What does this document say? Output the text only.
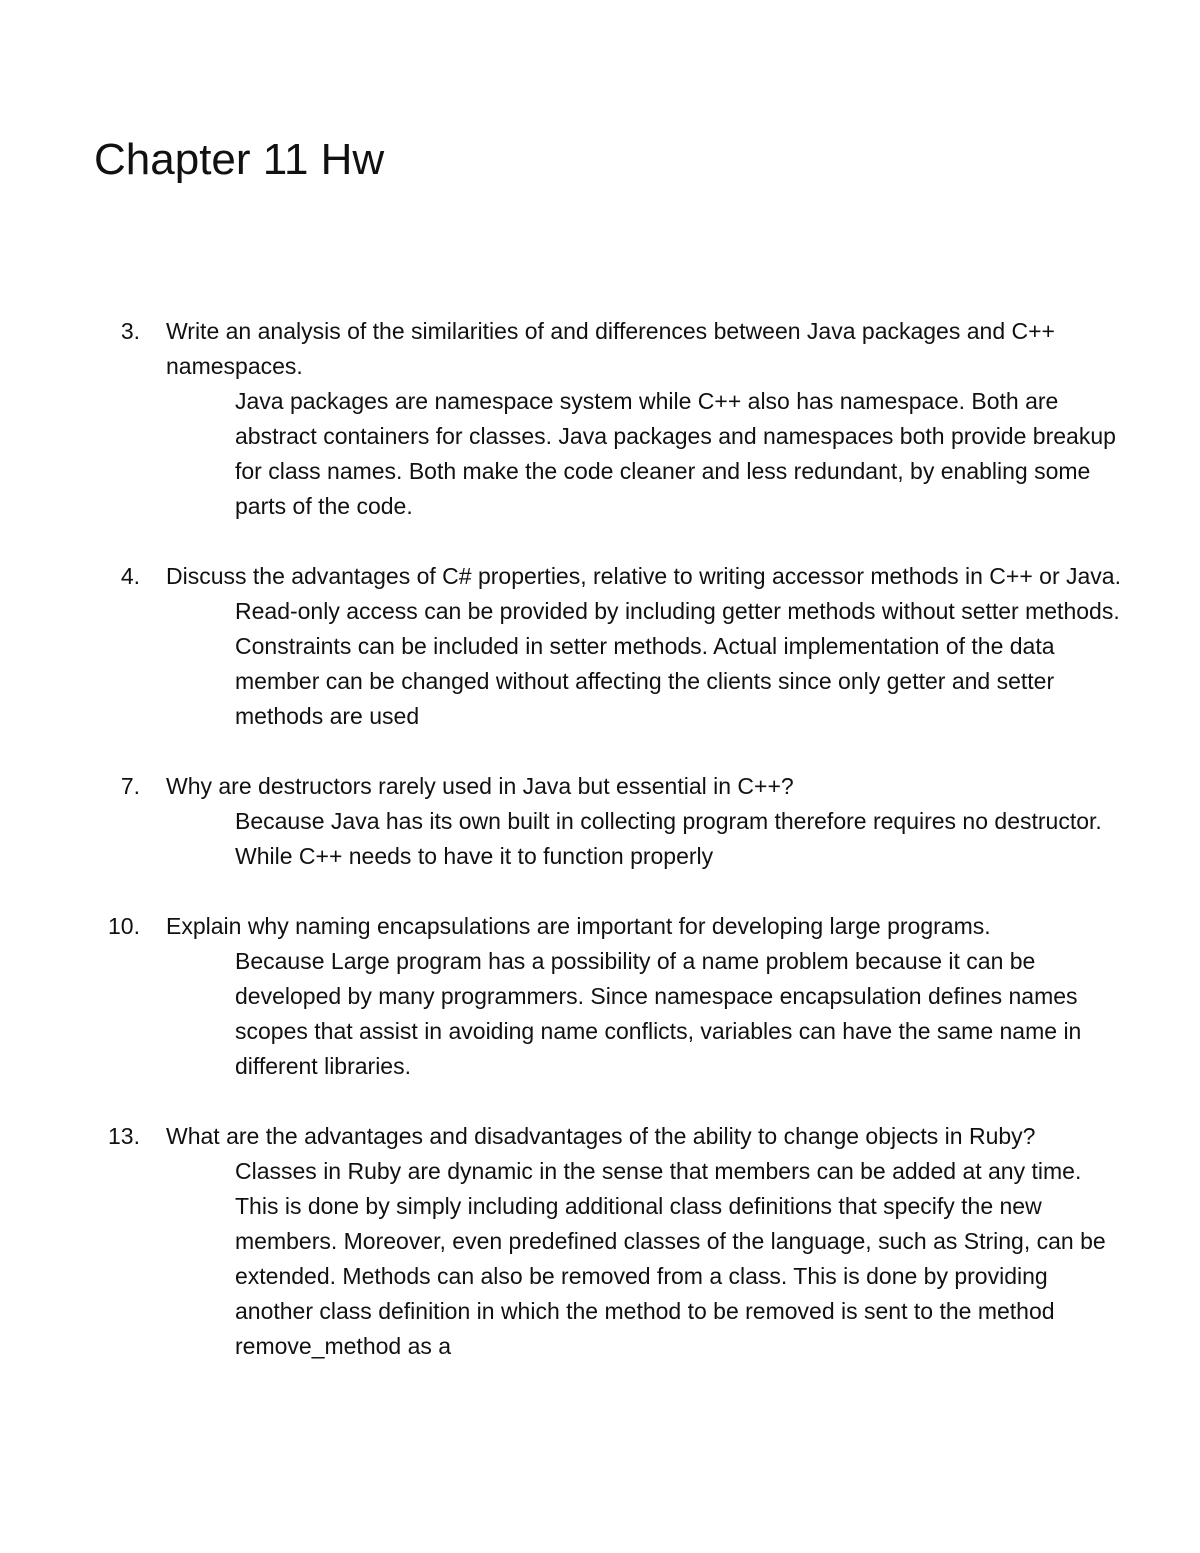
Chapter 11 Hw
3. Write an analysis of the similarities of and differences between Java packages and C++ namespaces.

Java packages are namespace system while C++ also has namespace. Both are abstract containers for classes. Java packages and namespaces both provide breakup for class names. Both make the code cleaner and less redundant, by enabling some parts of the code.

4. Discuss the advantages of C# properties, relative to writing accessor methods in C++ or Java.

Read-only access can be provided by including getter methods without setter methods. Constraints can be included in setter methods. Actual implementation of the data member can be changed without affecting the clients since only getter and setter methods are used

7. Why are destructors rarely used in Java but essential in C++?

Because Java has its own built in collecting program therefore requires no destructor. While C++ needs to have it to function properly

10. Explain why naming encapsulations are important for developing large programs.

Because Large program has a possibility of a name problem because it can be developed by many programmers. Since namespace encapsulation defines names scopes that assist in avoiding name conflicts, variables can have the same name in different libraries.

13. What are the advantages and disadvantages of the ability to change objects in Ruby?

Classes in Ruby are dynamic in the sense that members can be added at any time. This is done by simply including additional class definitions that specify the new members. Moreover, even predefined classes of the language, such as String, can be extended. Methods can also be removed from a class. This is done by providing another class definition in which the method to be removed is sent to the method remove_method as a
